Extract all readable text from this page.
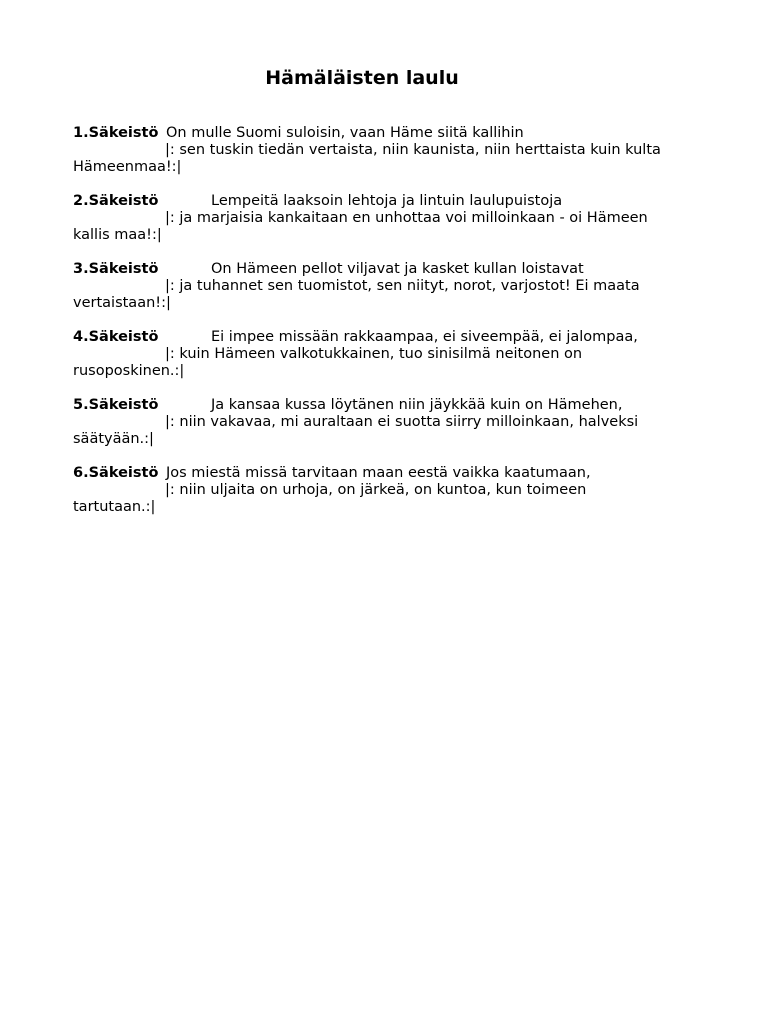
Hämäläisten laulu
1.Säkeistö On mulle Suomi suloisin, vaan Häme siitä kallihin
|: sen tuskin tiedän vertaista, niin kaunista, niin herttaista kuin kulta
Hämeenmaa!:|
2.Säkeistö	Lempeitä laaksoin lehtoja ja lintuin laulupuistoja
|: ja marjaisia kankaitaan en unhottaa voi milloinkaan - oi Hämeen
kallis maa!:|
3.Säkeistö	On Hämeen pellot viljavat ja kasket kullan loistavat
|: ja tuhannet sen tuomistot, sen niityt, norot, varjostot! Ei maata
vertaistaan!:|
4.Säkeistö	Ei impee missään rakkaampaa, ei siveempää, ei jalompaa,
|: kuin Hämeen valkotukkainen, tuo sinisilmä neitonen on
rusoposkinen.:|
5.Säkeistö	Ja kansaa kussa löytänen niin jäykkää kuin on Hämehen,
|: niin vakavaa, mi auraltaan ei suotta siirry milloinkaan, halveksi
säätyään.:|
6.Säkeistö Jos miestä missä tarvitaan maan eestä vaikka kaatumaan,
|: niin uljaita on urhoja, on järkeä, on kuntoa, kun toimeen
tartutaan.:|
